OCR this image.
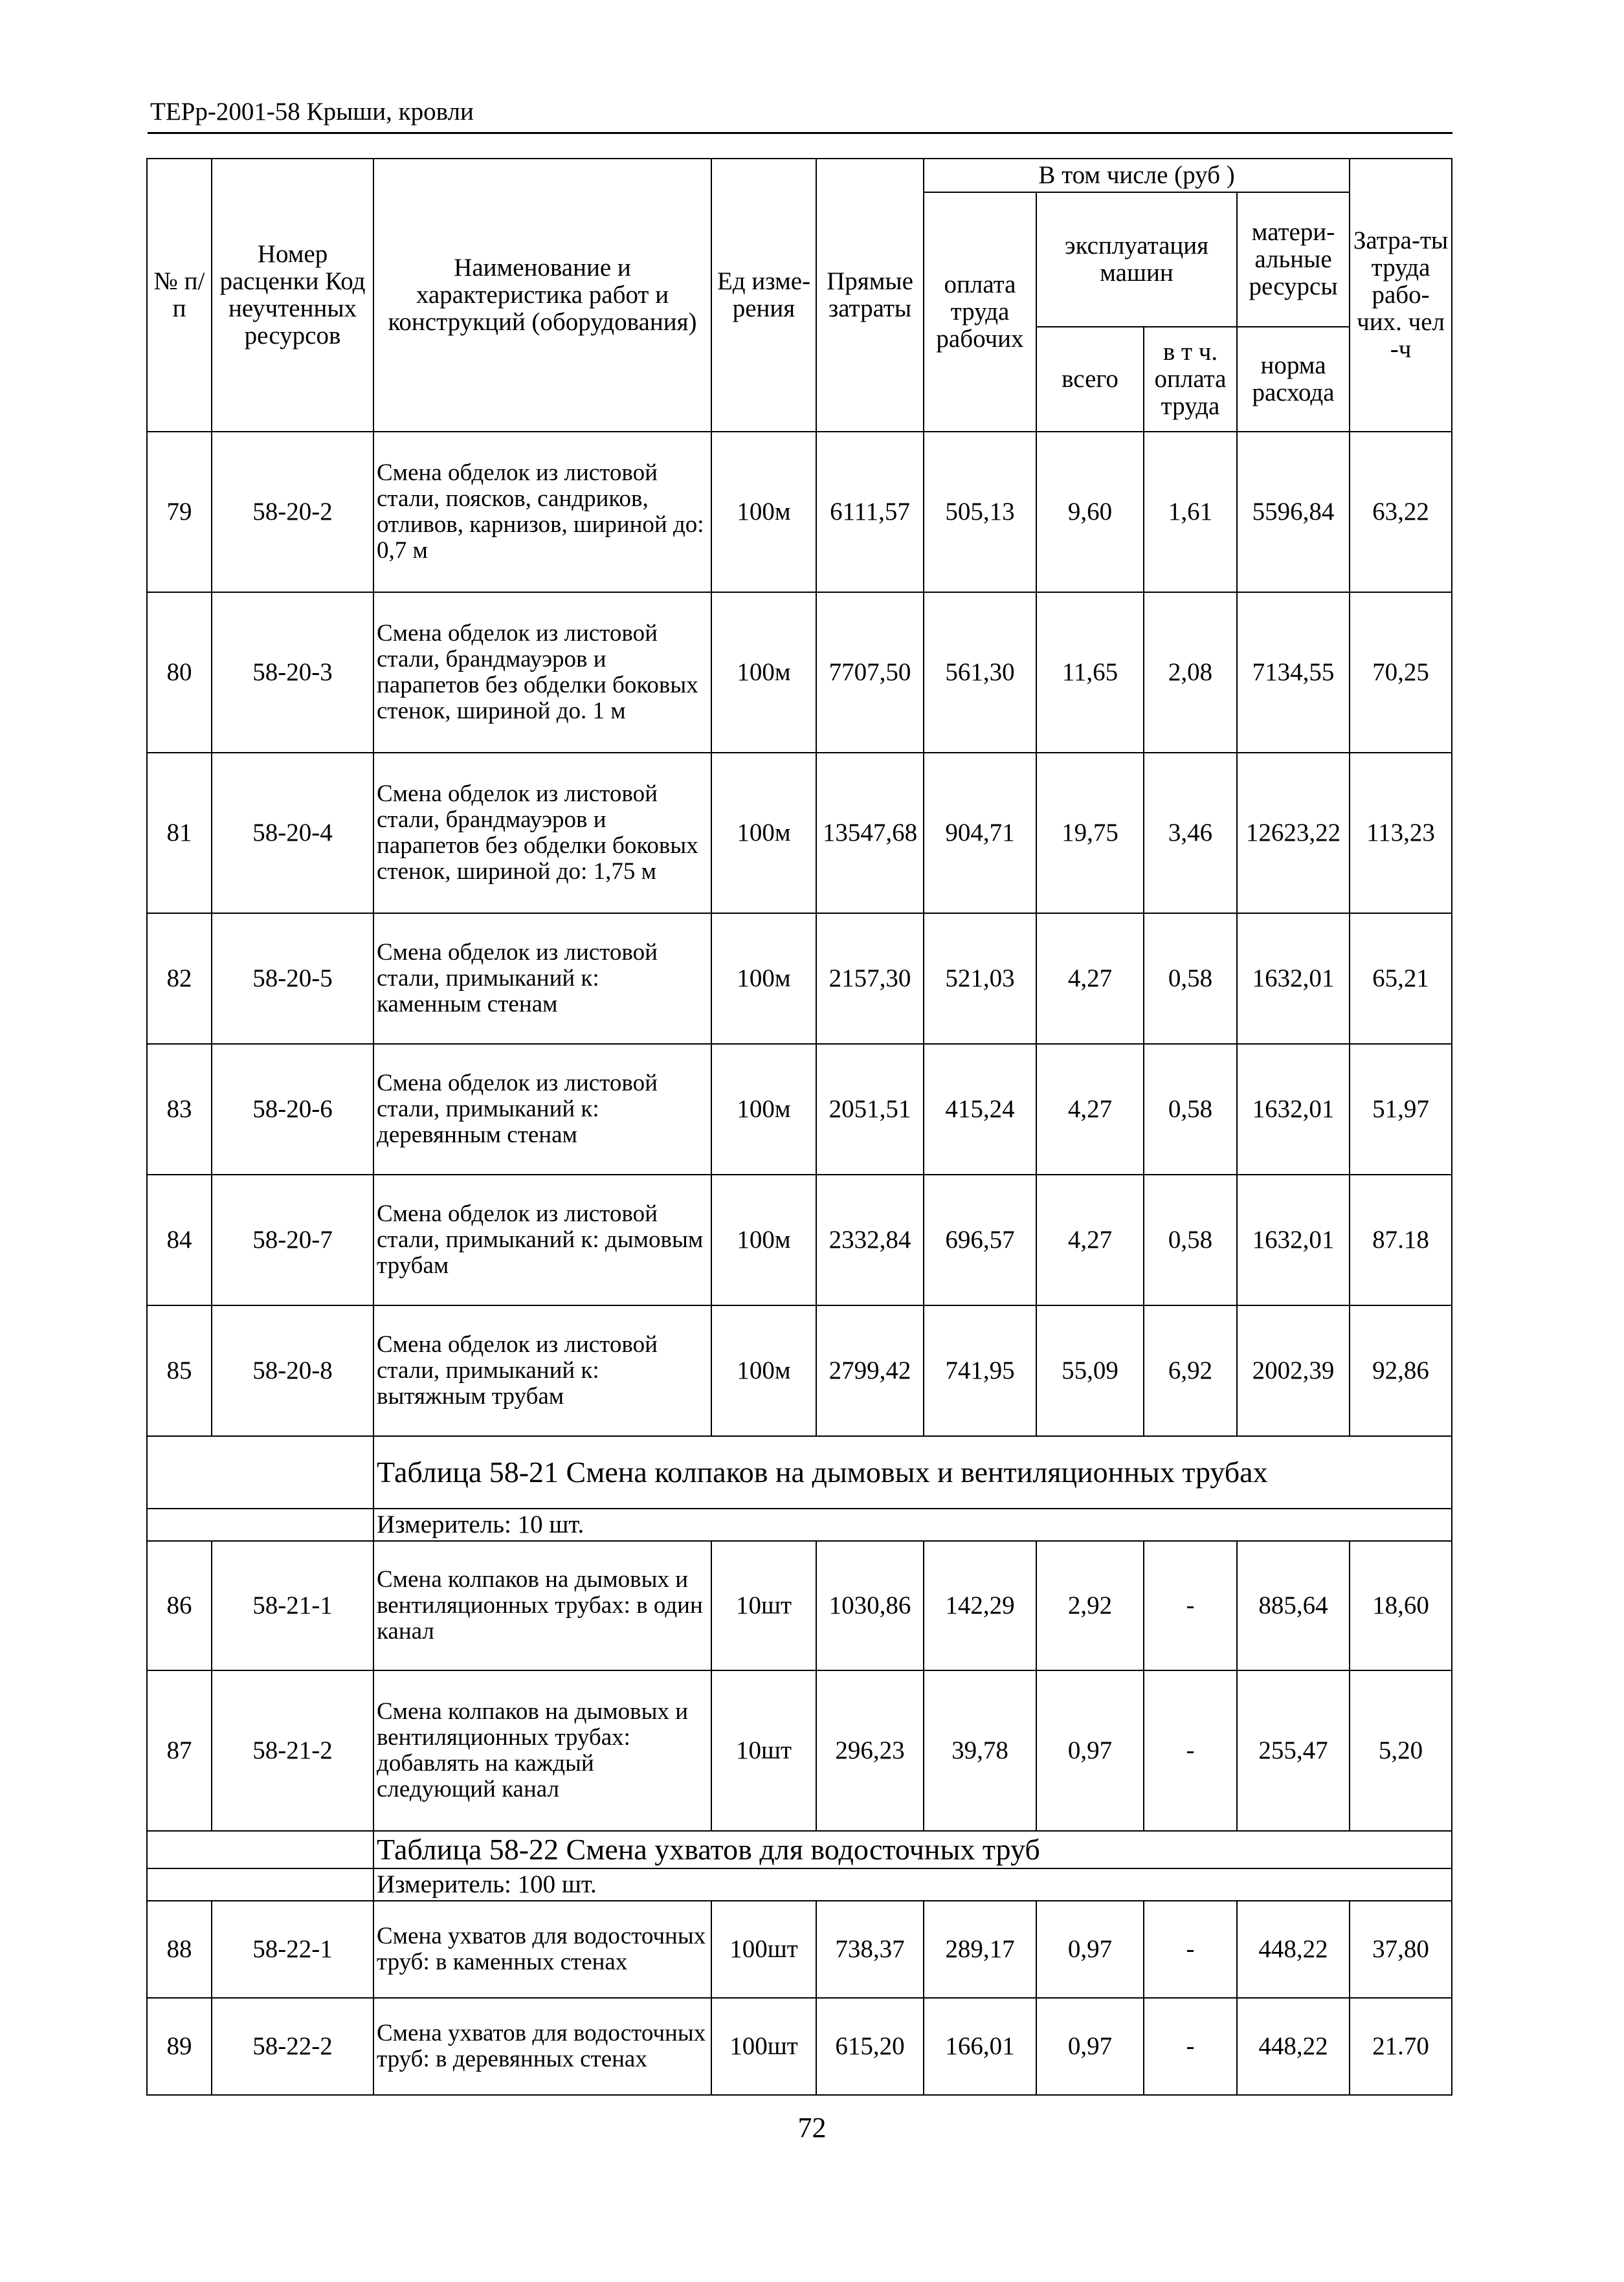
ТЕРр-2001-58 Крыши, кровли
№ п/п	Номер расценки Код неучтенных ресурсов	Наименование и характеристика работ и конструкций (оборудования)	Ед изме-рения	Прямые затраты	В том числе (руб )				Затра-ты труда рабо-чих. чел -ч
					оплата труда рабочих	эксплуатация машин		матери-альные ресурсы	
						всего	в т ч. оплата труда	норма расхода	
79	58-20-2	Смена обделок из листовой стали, поясков, сандриков, отливов, карнизов, шириной до: 0,7 м	100м	6111,57	505,13	9,60	1,61	5596,84	63,22
80	58-20-3	Смена обделок из листовой стали, брандмауэров и парапетов без обделки боковых стенок, шириной до. 1 м	100м	7707,50	561,30	11,65	2,08	7134,55	70,25
81	58-20-4	Смена обделок из листовой стали, брандмауэров и парапетов без обделки боковых стенок, шириной до: 1,75 м	100м	13547,68	904,71	19,75	3,46	12623,22	113,23
82	58-20-5	Смена обделок из листовой стали, примыканий к: каменным стенам	100м	2157,30	521,03	4,27	0,58	1632,01	65,21
83	58-20-6	Смена обделок из листовой стали, примыканий к: деревянным стенам	100м	2051,51	415,24	4,27	0,58	1632,01	51,97
84	58-20-7	Смена обделок из листовой стали, примыканий к: дымовым трубам	100м	2332,84	696,57	4,27	0,58	1632,01	87.18
85	58-20-8	Смена обделок из листовой стали, примыканий к: вытяжным трубам	100м	2799,42	741,95	55,09	6,92	2002,39	92,86
		Таблица 58-21 Смена колпаков на дымовых и вентиляционных трубах							
		Измеритель: 10 шт.							
86	58-21-1	Смена колпаков на дымовых и вентиляционных трубах: в один канал	10шт	1030,86	142,29	2,92	-	885,64	18,60
87	58-21-2	Смена колпаков на дымовых и вентиляционных трубах: добавлять на каждый следующий канал	10шт	296,23	39,78	0,97	-	255,47	5,20
		Таблица 58-22 Смена ухватов для водосточных труб							
		Измеритель: 100 шт.							
88	58-22-1	Смена ухватов для водосточных труб: в каменных стенах	100шт	738,37	289,17	0,97	-	448,22	37,80
89	58-22-2	Смена ухватов для водосточных труб: в деревянных стенах	100шт	615,20	166,01	0,97	-	448,22	21.70
72
